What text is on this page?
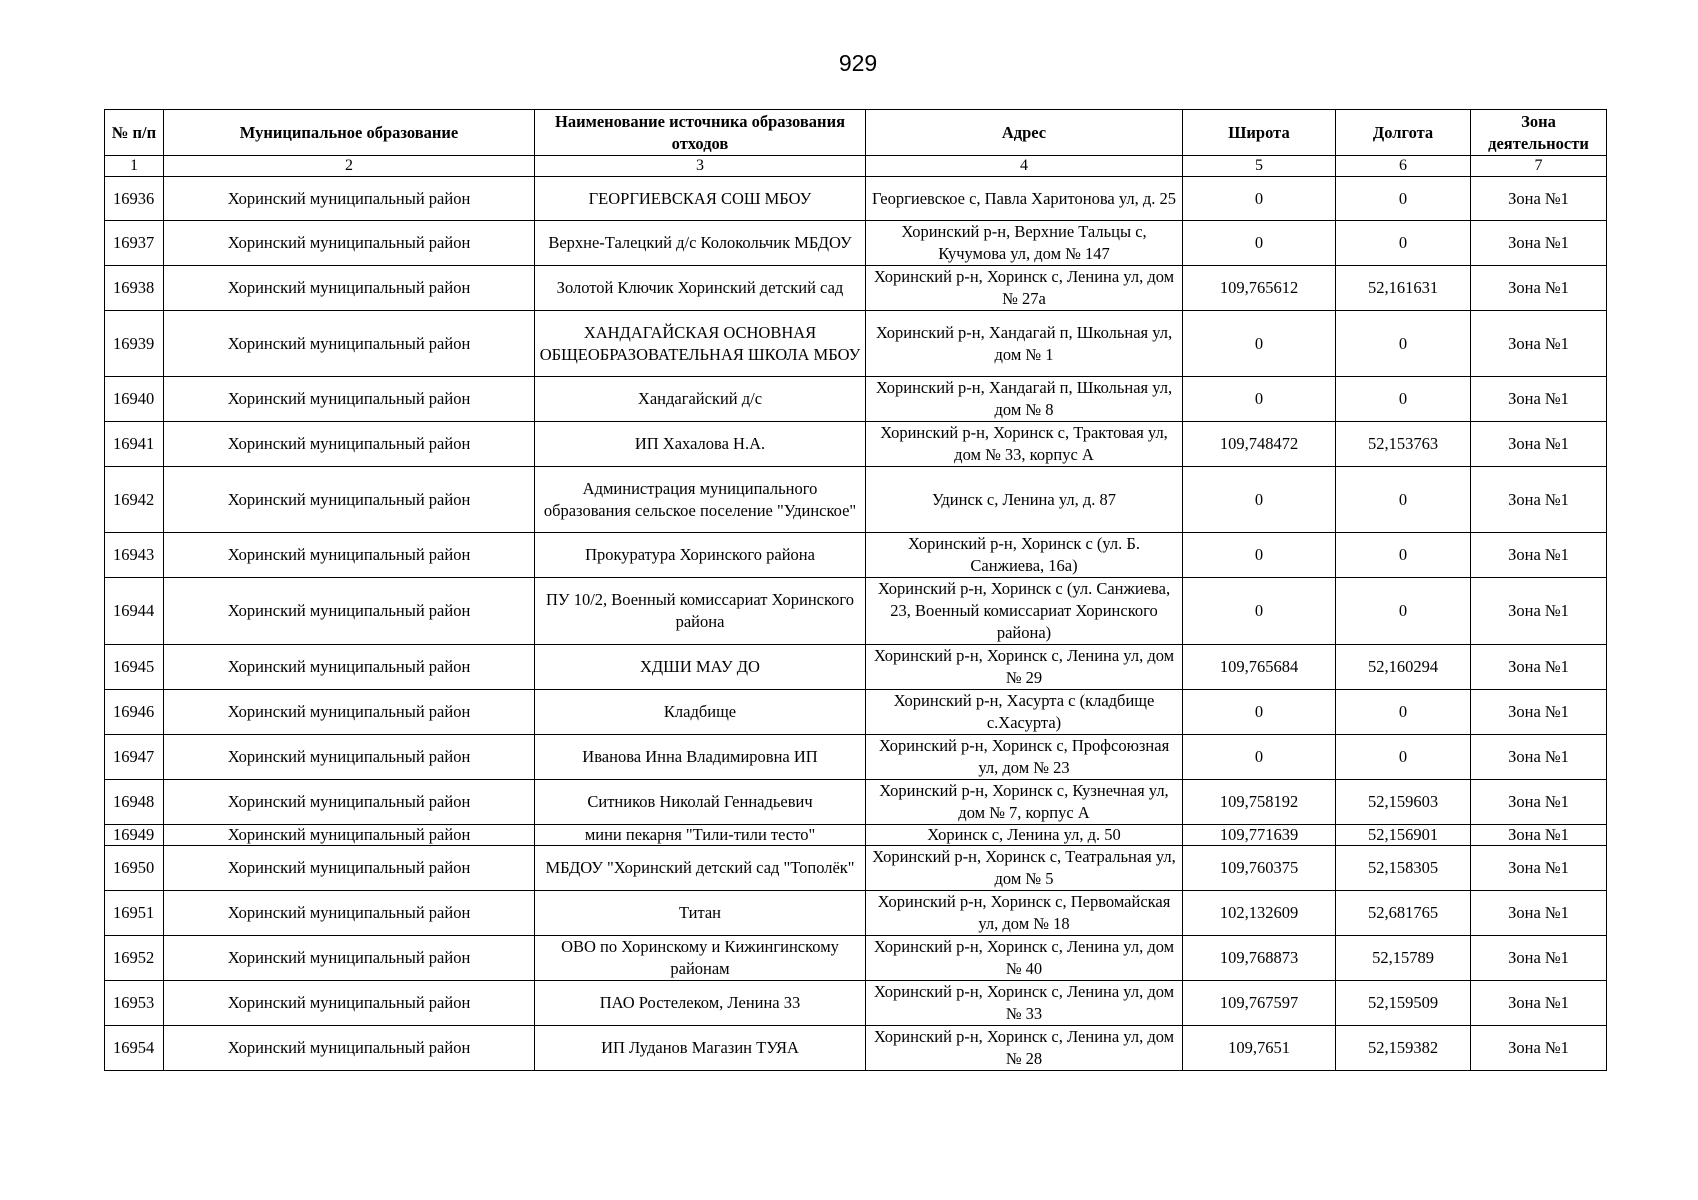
929
№ п/п	Муниципальное образование	Наименование источника образования отходов	Адрес	Широта	Долгота	Зона деятельности
1	2	3	4	5	6	7
16936	Хоринский муниципальный район	ГЕОРГИЕВСКАЯ СОШ МБОУ	Георгиевское с, Павла Харитонова ул, д. 25	0	0	Зона №1
16937	Хоринский муниципальный район	Верхне-Талецкий д/с Колокольчик МБДОУ	Хоринский р-н, Верхние Тальцы с, Кучумова ул, дом № 147	0	0	Зона №1
16938	Хоринский муниципальный район	Золотой Ключик Хоринский детский сад	Хоринский р-н, Хоринск с, Ленина ул, дом № 27а	109,765612	52,161631	Зона №1
16939	Хоринский муниципальный район	ХАНДАГАЙСКАЯ ОСНОВНАЯ ОБЩЕОБРАЗОВАТЕЛЬНАЯ ШКОЛА МБОУ	Хоринский р-н, Хандагай п, Школьная ул, дом № 1	0	0	Зона №1
16940	Хоринский муниципальный район	Хандагайский д/с	Хоринский р-н, Хандагай п, Школьная ул, дом № 8	0	0	Зона №1
16941	Хоринский муниципальный район	ИП Хахалова Н.А.	Хоринский р-н, Хоринск с, Трактовая ул, дом № 33, корпус А	109,748472	52,153763	Зона №1
16942	Хоринский муниципальный район	Администрация муниципального образования сельское поселение "Удинское"	Удинск с, Ленина ул, д. 87	0	0	Зона №1
16943	Хоринский муниципальный район	Прокуратура Хоринского района	Хоринский р-н, Хоринск с (ул. Б. Санжиева, 16а)	0	0	Зона №1
16944	Хоринский муниципальный район	ПУ 10/2, Военный комиссариат Хоринского района	Хоринский р-н, Хоринск с (ул. Санжиева, 23, Военный комиссариат Хоринского района)	0	0	Зона №1
16945	Хоринский муниципальный район	ХДШИ МАУ ДО	Хоринский р-н, Хоринск с, Ленина ул, дом № 29	109,765684	52,160294	Зона №1
16946	Хоринский муниципальный район	Кладбище	Хоринский р-н, Хасурта с (кладбище с.Хасурта)	0	0	Зона №1
16947	Хоринский муниципальный район	Иванова Инна Владимировна ИП	Хоринский р-н, Хоринск с, Профсоюзная ул, дом № 23	0	0	Зона №1
16948	Хоринский муниципальный район	Ситников Николай Геннадьевич	Хоринский р-н, Хоринск с, Кузнечная ул, дом № 7, корпус А	109,758192	52,159603	Зона №1
16949	Хоринский муниципальный район	мини пекарня "Тили-тили тесто"	Хоринск с, Ленина ул, д. 50	109,771639	52,156901	Зона №1
16950	Хоринский муниципальный район	МБДОУ "Хоринский детский сад "Тополёк"	Хоринский р-н, Хоринск с, Театральная ул, дом № 5	109,760375	52,158305	Зона №1
16951	Хоринский муниципальный район	Титан	Хоринский р-н, Хоринск с, Первомайская ул, дом № 18	102,132609	52,681765	Зона №1
16952	Хоринский муниципальный район	ОВО по Хоринскому и Кижингинскому районам	Хоринский р-н, Хоринск с, Ленина ул, дом № 40	109,768873	52,15789	Зона №1
16953	Хоринский муниципальный район	ПАО Ростелеком, Ленина 33	Хоринский р-н, Хоринск с, Ленина ул, дом № 33	109,767597	52,159509	Зона №1
16954	Хоринский муниципальный район	ИП Луданов Магазин ТУЯА	Хоринский р-н, Хоринск с, Ленина ул, дом № 28	109,7651	52,159382	Зона №1
